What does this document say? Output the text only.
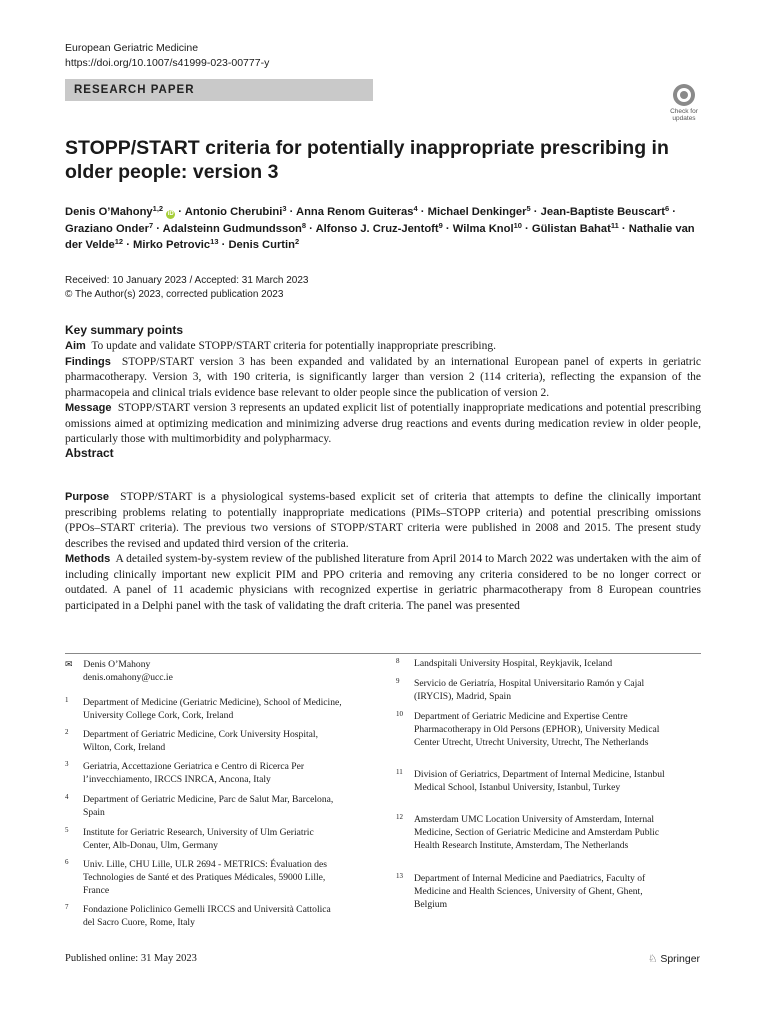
European Geriatric Medicine
https://doi.org/10.1007/s41999-023-00777-y
RESEARCH PAPER
Check for updates
STOPP/START criteria for potentially inappropriate prescribing in older people: version 3
Denis O’Mahony$^{1,2}$ iD · Antonio Cherubini$^3$ · Anna Renom Guiteras$^4$ · Michael Denkinger$^5$ · Jean‑Baptiste Beuscart$^6$ · Graziano Onder$^7$ · Adalsteinn Gudmundsson$^8$ · Alfonso J. Cruz‑Jentoft$^9$ · Wilma Knol$^{10}$ · Gülistan Bahat$^{11}$ · Nathalie van der Velde$^{12}$ · Mirko Petrovic$^{13}$ · Denis Curtin$^2$
Received: 10 January 2023 / Accepted: 31 March 2023
© The Author(s) 2023, corrected publication 2023
Key summary points
Aim To update and validate STOPP/START criteria for potentially inappropriate prescribing.
Findings STOPP/START version 3 has been expanded and validated by an international European panel of experts in geriatric pharmacotherapy. Version 3, with 190 criteria, is significantly larger than version 2 (114 criteria), reflecting the expansion of the pharmacopeia and clinical trials evidence base relevant to older people since the publication of version 2.
Message STOPP/START version 3 represents an updated explicit list of potentially inappropriate medications and potential prescribing omissions aimed at optimizing medication and minimizing adverse drug reactions and events during medication review in older people, particularly those with multimorbidity and polypharmacy.
Abstract
Purpose STOPP/START is a physiological systems-based explicit set of criteria that attempts to define the clinically important prescribing problems relating to potentially inappropriate medications (PIMs–STOPP criteria) and potential prescribing omissions (PPOs–START criteria). The previous two versions of STOPP/START criteria were published in 2008 and 2015. The present study describes the revised and updated third version of the criteria.
Methods A detailed system-by-system review of the published literature from April 2014 to March 2022 was undertaken with the aim of including clinically important new explicit PIM and PPO criteria and removing any criteria considered to be no longer correct or outdated. A panel of 11 academic physicians with recognized expertise in geriatric pharmacotherapy from 8 European countries participated in a Delphi panel with the task of validating the draft criteria. The panel was presented
✉ Denis O’Mahony
denis.omahony@ucc.ie
1 Department of Medicine (Geriatric Medicine), School of Medicine, University College Cork, Cork, Ireland
2 Department of Geriatric Medicine, Cork University Hospital, Wilton, Cork, Ireland
3 Geriatria, Accettazione Geriatrica e Centro di Ricerca Per l’invecchiamento, IRCCS INRCA, Ancona, Italy
4 Department of Geriatric Medicine, Parc de Salut Mar, Barcelona, Spain
5 Institute for Geriatric Research, University of Ulm Geriatric Center, Alb-Donau, Ulm, Germany
6 Univ. Lille, CHU Lille, ULR 2694 - METRICS: Évaluation des Technologies de Santé et des Pratiques Médicales, 59000 Lille, France
7 Fondazione Policlinico Gemelli IRCCS and Università Cattolica del Sacro Cuore, Rome, Italy
8 Landspitali University Hospital, Reykjavik, Iceland
9 Servicio de Geriatría, Hospital Universitario Ramón y Cajal (IRYCIS), Madrid, Spain
10 Department of Geriatric Medicine and Expertise Centre Pharmacotherapy in Old Persons (EPHOR), University Medical Center Utrecht, Utrecht University, Utrecht, The Netherlands
11 Division of Geriatrics, Department of Internal Medicine, Istanbul Medical School, Istanbul University, Istanbul, Turkey
12 Amsterdam UMC Location University of Amsterdam, Internal Medicine, Section of Geriatric Medicine and Amsterdam Public Health Research Institute, Amsterdam, The Netherlands
13 Department of Internal Medicine and Paediatrics, Faculty of Medicine and Health Sciences, University of Ghent, Ghent, Belgium
Published online: 31 May 2023	♘ Springer
